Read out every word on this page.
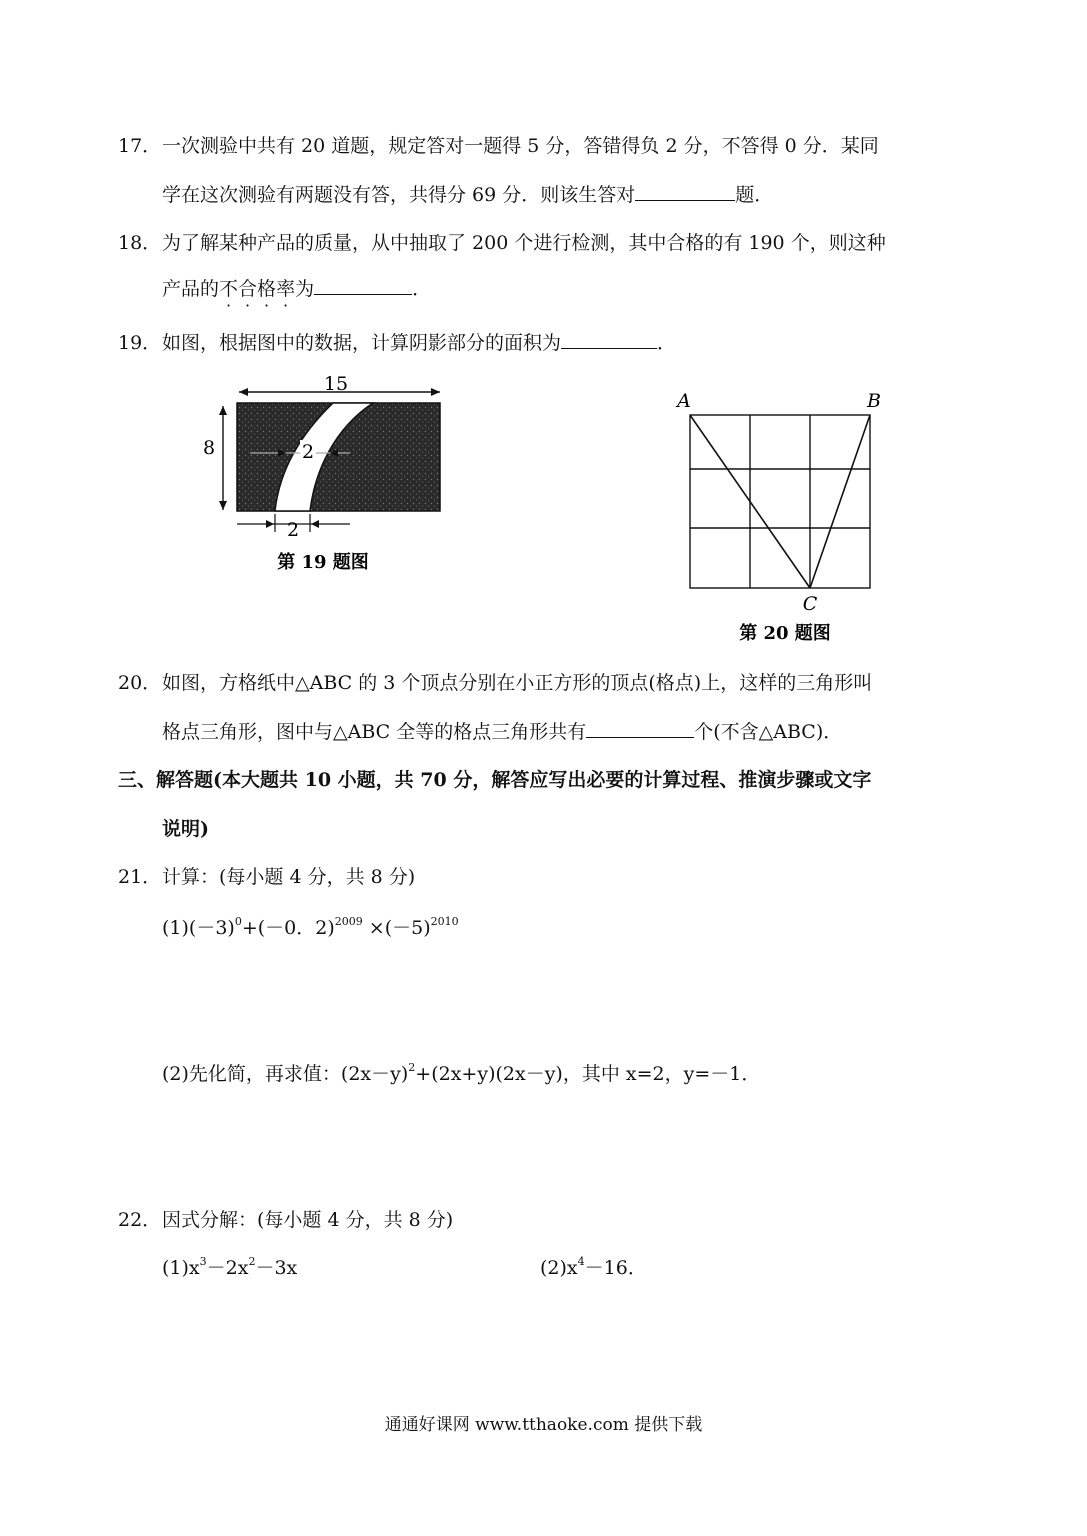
17．一次测验中共有 20 道题，规定答对一题得 5 分，答错得负 2 分，不答得 0 分．某同
学在这次测验有两题没有答，共得分 69 分．则该生答对	题．
18．为了解某种产品的质量，从中抽取了 200 个进行检测，其中合格的有 190 个，则这种
产品的不合格率为	．
19．如图，根据图中的数据，计算阴影部分的面积为	．
15
8	2
2
第 19 题图
A	B
C
第 20 题图
20．如图，方格纸中△ABC 的 3 个顶点分别在小正方形的顶点(格点)上，这样的三角形叫
格点三角形，图中与△ABC 全等的格点三角形共有	个(不含△ABC)．
三、解答题(本大题共 10 小题，共 70 分，解答应写出必要的计算过程、推演步骤或文字
说明)
21．计算：(每小题 4 分，共 8 分)
$(1)(-3)^0+(-0$．$2)^{2009} \times(-5)^{2010}$
(2)先化简，再求值：$(2x-y)^2+(2x+y)(2x-y)$，其中 x=2，y=－1．
22．因式分解：(每小题 4 分，共 8 分)
$(1)x^3-2x^2-3x$	$(2)x^4-16$．
通通好课网 www.tthaoke.com 提供下载
